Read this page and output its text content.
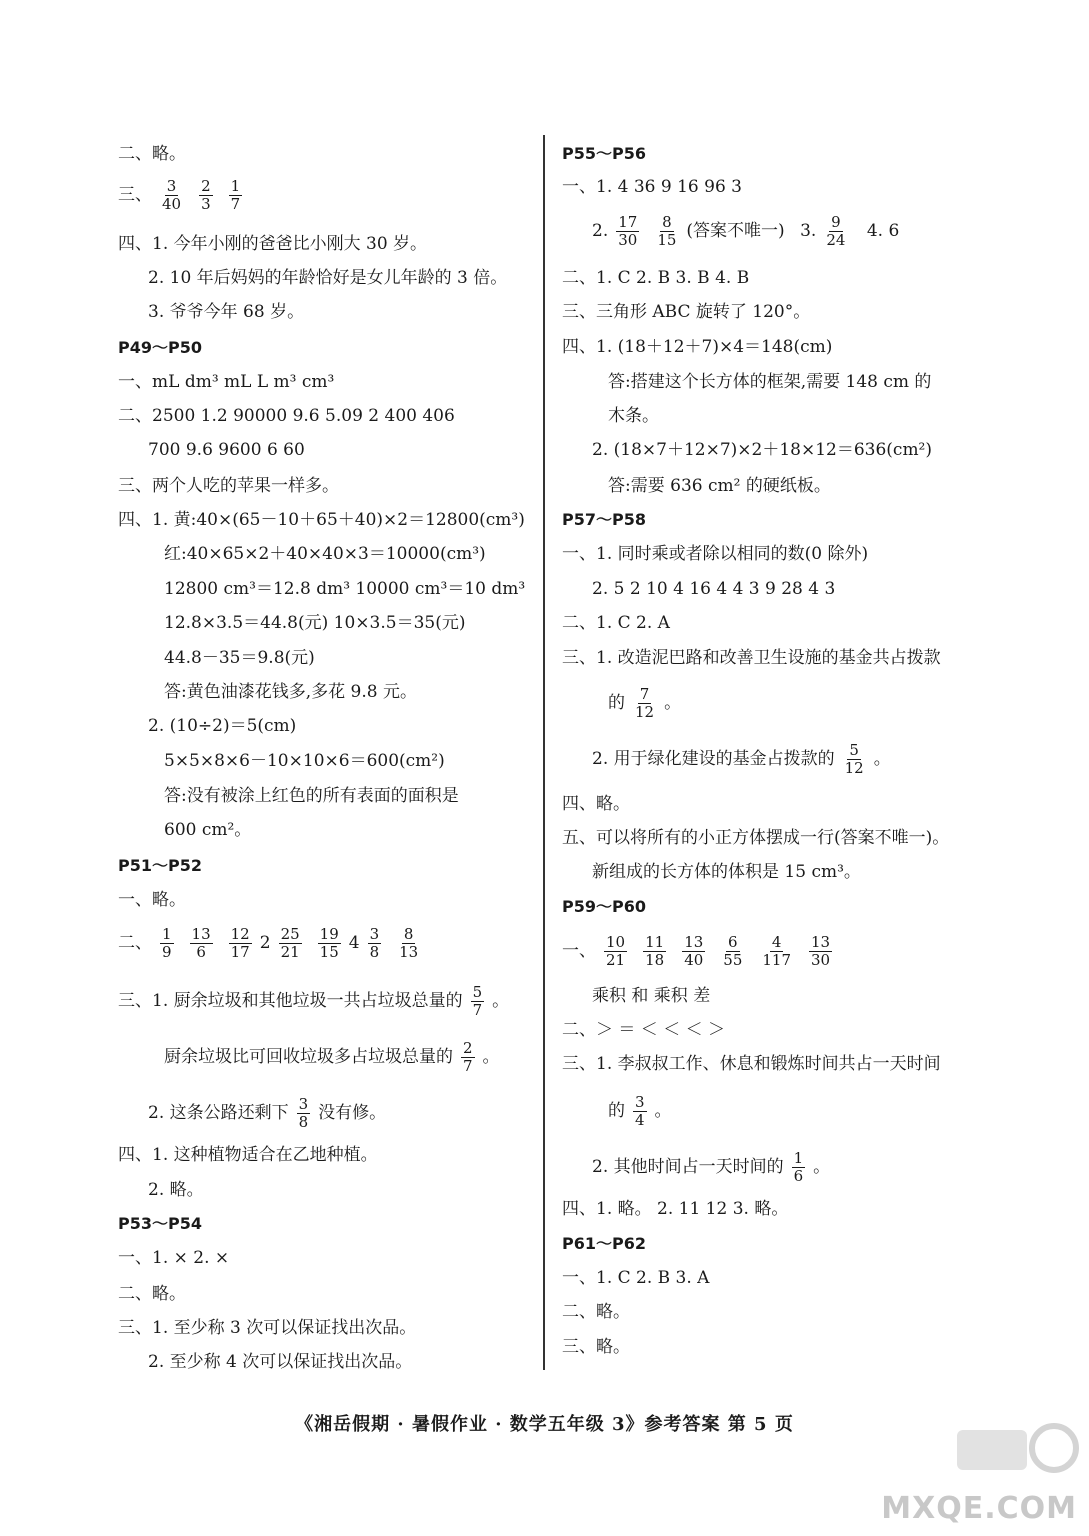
二、略。
三、 $\frac{3}{40} \frac{2}{3} \frac{1}{7}$
四、1. 今年小刚的爸爸比小刚大 30 岁。
2. 10 年后妈妈的年龄恰好是女儿年龄的 3 倍。
3. 爷爷今年 68 岁。
P49～P50
一、mL dm³ mL L m³ cm³
二、2500 1.2 90000 9.6 5.09 2 400 406
700 9.6 9600 6 60
三、两个人吃的苹果一样多。
四、1. 黄:40×(65－10＋65＋40)×2＝12800(cm³)
红:40×65×2＋40×40×3＝10000(cm³)
12800 cm³＝12.8 dm³ 10000 cm³＝10 dm³
12.8×3.5＝44.8(元) 10×3.5＝35(元)
44.8－35＝9.8(元)
答:黄色油漆花钱多,多花 9.8 元。
2. (10÷2)＝5(cm)
5×5×8×6－10×10×6＝600(cm²)
答:没有被涂上红色的所有表面的面积是
600 cm²。
P51～P52
一、略。
二、 $\frac{1}{9} \frac{13}{6} \frac{12}{17} 2 \frac{25}{21} \frac{19}{15} 4 \frac{3}{8} \frac{8}{13}$
三、1. 厨余垃圾和其他垃圾一共占垃圾总量的 $\frac{5}{7}$ 。
厨余垃圾比可回收垃圾多占垃圾总量的 $\frac{2}{7}$ 。
2. 这条公路还剩下 $\frac{3}{8}$ 没有修。
四、1. 这种植物适合在乙地种植。
2. 略。
P53～P54
一、1. × 2. ×
二、略。
三、1. 至少称 3 次可以保证找出次品。
2. 至少称 4 次可以保证找出次品。
P55～P56
一、1. 4 36 9 16 96 3
2. $\frac{17}{30} \frac{8}{15}$ (答案不唯一) 3. $\frac{9}{24} 4$. 6
二、1. C 2. B 3. B 4. B
三、三角形 ABC 旋转了 120°。
四、1. (18＋12＋7)×4＝148(cm)
答:搭建这个长方体的框架,需要 148 cm 的
木条。
2. (18×7＋12×7)×2＋18×12＝636(cm²)
答:需要 636 cm² 的硬纸板。
P57～P58
一、1. 同时乘或者除以相同的数(0 除外)
2. 5 2 10 4 16 4 4 3 9 28 4 3
二、1. C 2. A
三、1. 改造泥巴路和改善卫生设施的基金共占拨款
的 $\frac{7}{12}$ 。
2. 用于绿化建设的基金占拨款的 $\frac{5}{12}$ 。
四、略。
五、可以将所有的小正方体摆成一行(答案不唯一)。
新组成的长方体的体积是 15 cm³。
P59～P60
一、 $\frac{10}{21} \frac{11}{18} \frac{13}{40} \frac{6}{55} \frac{4}{117} \frac{13}{30}$
乘积 和 乘积 差
二、＞ ＝ ＜ ＜ ＜ ＞
三、1. 李叔叔工作、休息和锻炼时间共占一天时间
的 $\frac{3}{4}$ 。
2. 其他时间占一天时间的 $\frac{1}{6}$ 。
四、1. 略。 2. 11 12 3. 略。
P61～P62
一、1. C 2. B 3. A
二、略。
三、略。
《湘岳假期 · 暑假作业 · 数学五年级 3》参考答案 第 5 页
MXQE.COM
